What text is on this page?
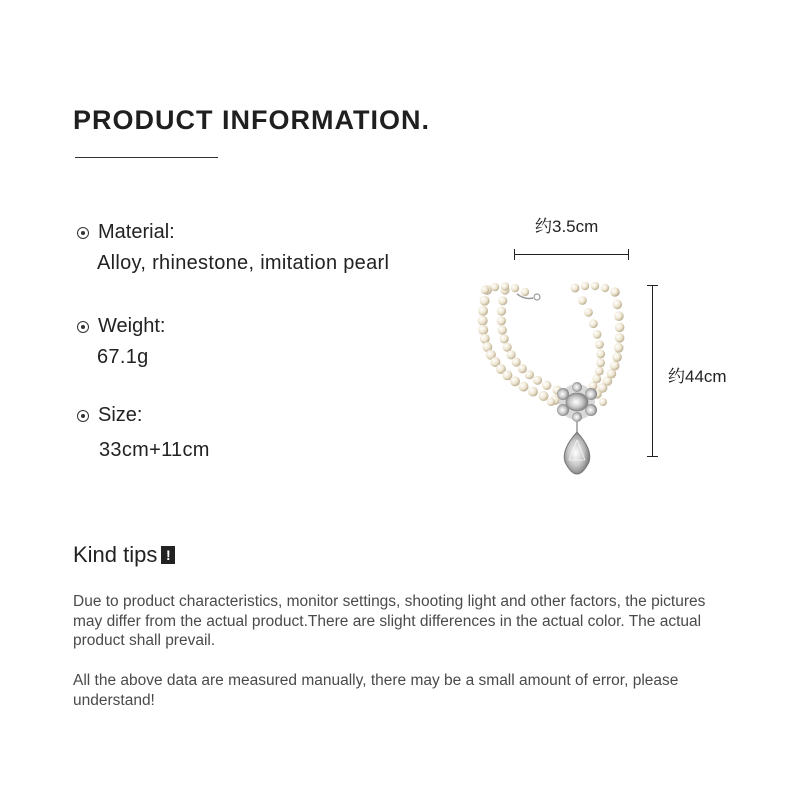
PRODUCT INFORMATION.
Material:
Alloy, rhinestone, imitation pearl
Weight:
67.1g
Size:
33cm+11cm
约3.5cm
约44cm
Kind tips !

Due to product characteristics, monitor settings, shooting light and other factors, the pictures may differ from the actual product.There are slight differences in the actual color. The actual product shall prevail.

All the above data are measured manually, there may be a small amount of error, please understand!
